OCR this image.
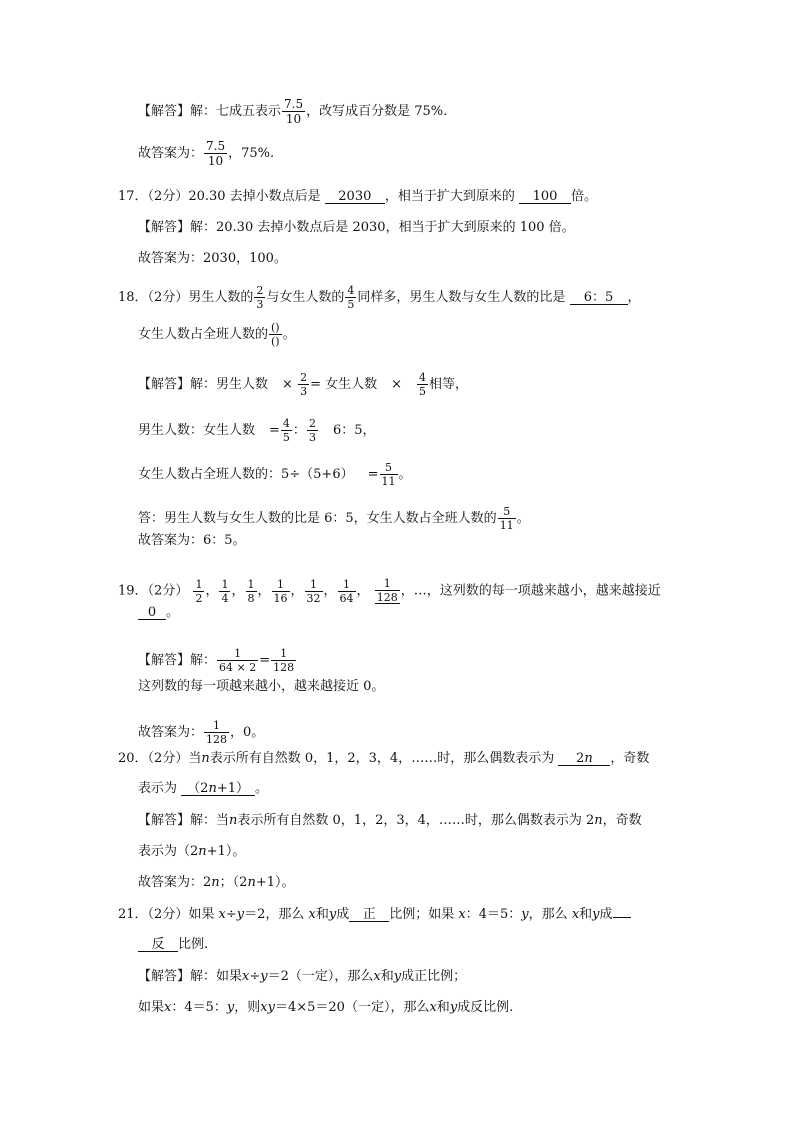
【解答】解：七成五表示 $\frac{7.5}{10}$ ，改写成百分数是 75%.
故答案为： $\frac{7.5}{10}$ ，75%.
17．（2分）20.30 去掉小数点后是 2030 ，相当于扩大到原来的 100 倍。
【解答】解：20.30 去掉小数点后是 2030，相当于扩大到原来的 100 倍。
故答案为：2030，100。
18．（2分）男生人数的 $\frac{2}{3}$ 与女生人数的 $\frac{4}{5}$ 同样多，男生人数与女生人数的比是 6：5 ，
女生人数占全班人数的 $\frac{()}{()}$ 。
【解答】解：男生人数 × $\frac{2}{3}$ = 女生人数 × $\frac{4}{5}$ 相等，
男生人数：女生人数 = $\frac{4}{5}$ ： $\frac{2}{3} 6$：5，
女生人数占全班人数的：$5\div(5+6) = \frac{5}{11}$ 。
答：男生人数与女生人数的比是 6：5，女生人数占全班人数的 $\frac{5}{11}$ 。
故答案为：6：5。
19．（2分） $\frac{1}{2}$ ， $\frac{1}{4}$ ， $\frac{1}{8}$ ， $\frac{1}{16}$ ， $\frac{1}{32}$ ， $\frac{1}{64}$ ， $\frac{1}{128}$ ，…，这列数的每一项越来越小，越来越接近
0 。
【解答】解： $\frac{1}{64 \times 2} = \frac{1}{128}$
这列数的每一项越来越小，越来越接近 0。
故答案为： $\frac{1}{128}$ ，0。
20．（2分）当n表示所有自然数 0，1，2，3，4，……时，那么偶数表示为 2n ，奇数
表示为 （2n+1） 。
【解答】解：当n表示所有自然数 0，1，2，3，4，……时，那么偶数表示为 2n，奇数
表示为（2n+1）。
故答案为：2n；（2n+1）。
21．（2分）如果 x÷y＝2，那么 x和y成 正 比例；如果 x：4＝5：y，那么 x和y成
反 比例.
【解答】解：如果x÷y＝2（一定），那么x和y成正比例；
如果x：4＝5：y，则xy＝4×5＝20（一定），那么x和y成反比例.
